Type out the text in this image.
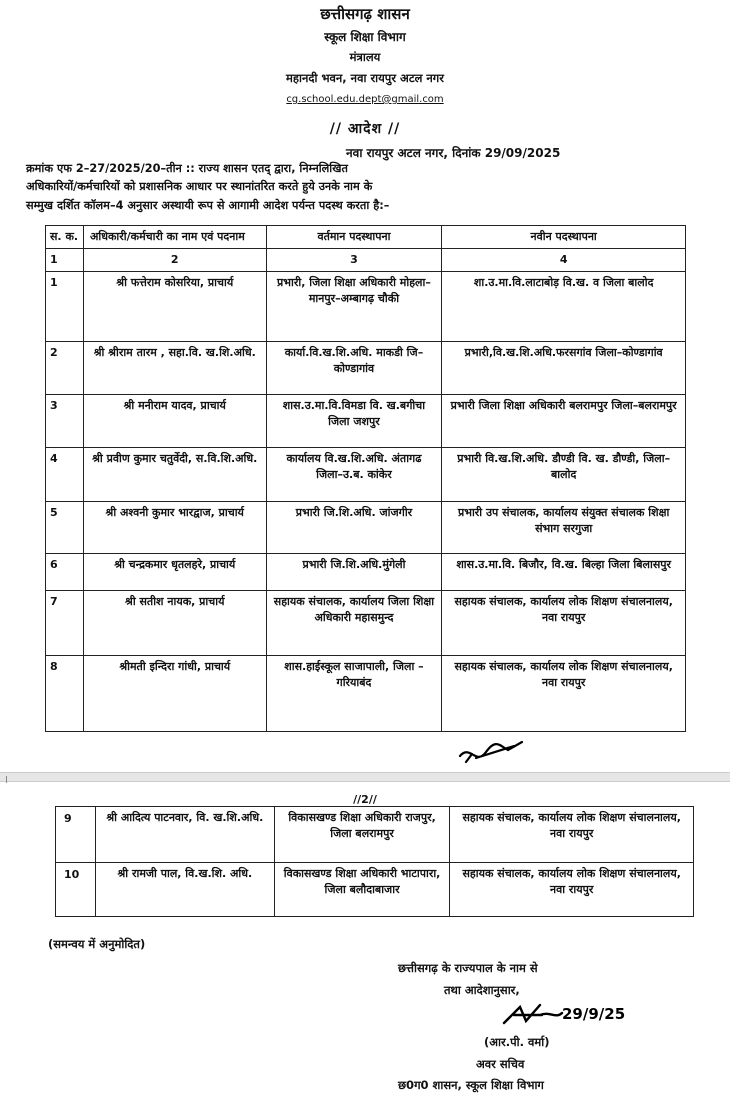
छत्तीसगढ़ शासन
स्कूल शिक्षा विभाग
मंत्रालय
महानदी भवन, नवा रायपुर अटल नगर
cg.school.edu.dept@gmail.com
// आदेश //
नवा रायपुर अटल नगर, दिनांक 29/09/2025
क्रमांक एफ 2–27/2025/20–तीन :: राज्य शासन एतद् द्वारा, निम्नलिखित
अधिकारियों/कर्मचारियों को प्रशासनिक आधार पर स्थानांतरित करते हुये उनके नाम के
सम्मुख दर्शित कॉलम–4 अनुसार अस्थायी रूप से आगामी आदेश पर्यन्त पदस्थ करता है:–
स. क.	अधिकारी/कर्मचारी का नाम एवं पदनाम	वर्तमान पदस्थापना	नवीन पदस्थापना
1	2	3	4
1	श्री फत्तेराम कोसरिया, प्राचार्य	प्रभारी, जिला शिक्षा अधिकारी मोहला–मानपुर–अम्बागढ़ चौकी	शा.उ.मा.वि.लाटाबोड़ वि.ख. व जिला बालोद
2	श्री श्रीराम तारम , सहा.वि. ख.शि.अधि.	कार्या.वि.ख.शि.अधि. माकडी जि–कोण्डागांव	प्रभारी,वि.ख.शि.अधि.फरसगांव जिला–कोण्डागांव
3	श्री मनीराम यादव, प्राचार्य	शास.उ.मा.वि.विमडा वि. ख.बगीचा जिला जशपुर	प्रभारी जिला शिक्षा अधिकारी बलरामपुर जिला–बलरामपुर
4	श्री प्रवीण कुमार चतुर्वेदी, स.वि.शि.अधि.	कार्यालय वि.ख.शि.अधि. अंतागढ जिला–उ.ब. कांकेर	प्रभारी वि.ख.शि.अधि. डौण्डी वि. ख. डौण्डी, जिला–बालोद
5	श्री अश्वनी कुमार भारद्वाज, प्राचार्य	प्रभारी जि.शि.अधि. जांजगीर	प्रभारी उप संचालक, कार्यालय संयुक्त संचालक शिक्षा संभाग सरगुजा
6	श्री चन्द्रकमार धृतलहरे, प्राचार्य	प्रभारी जि.शि.अधि.मुंगेली	शास.उ.मा.वि. बिजौर, वि.ख. बिल्हा जिला बिलासपुर
7	श्री सतीश नायक, प्राचार्य	सहायक संचालक, कार्यालय जिला शिक्षा अधिकारी महासमुन्द	सहायक संचालक, कार्यालय लोक शिक्षण संचालनालय, नवा रायपुर
8	श्रीमती इन्दिरा गांधी, प्राचार्य	शास.हाईस्कूल साजापाली, जिला –गरियाबंद	सहायक संचालक, कार्यालय लोक शिक्षण संचालनालय, नवा रायपुर
//2//
9	श्री आदित्य पाटनवार, वि. ख.शि.अधि.	विकासखण्ड शिक्षा अधिकारी राजपुर, जिला बलरामपुर	सहायक संचालक, कार्यालय लोक शिक्षण संचालनालय, नवा रायपुर
10	श्री रामजी पाल, वि.ख.शि. अधि.	विकासखण्ड शिक्षा अधिकारी भाटापारा, जिला बलौदाबाजार	सहायक संचालक, कार्यालय लोक शिक्षण संचालनालय, नवा रायपुर
(समन्वय में अनुमोदित)
छत्तीसगढ़ के राज्यपाल के नाम से
तथा आदेशानुसार,
29/9/25
(आर.पी. वर्मा)
अवर सचिव
छ0ग0 शासन, स्कूल शिक्षा विभाग
